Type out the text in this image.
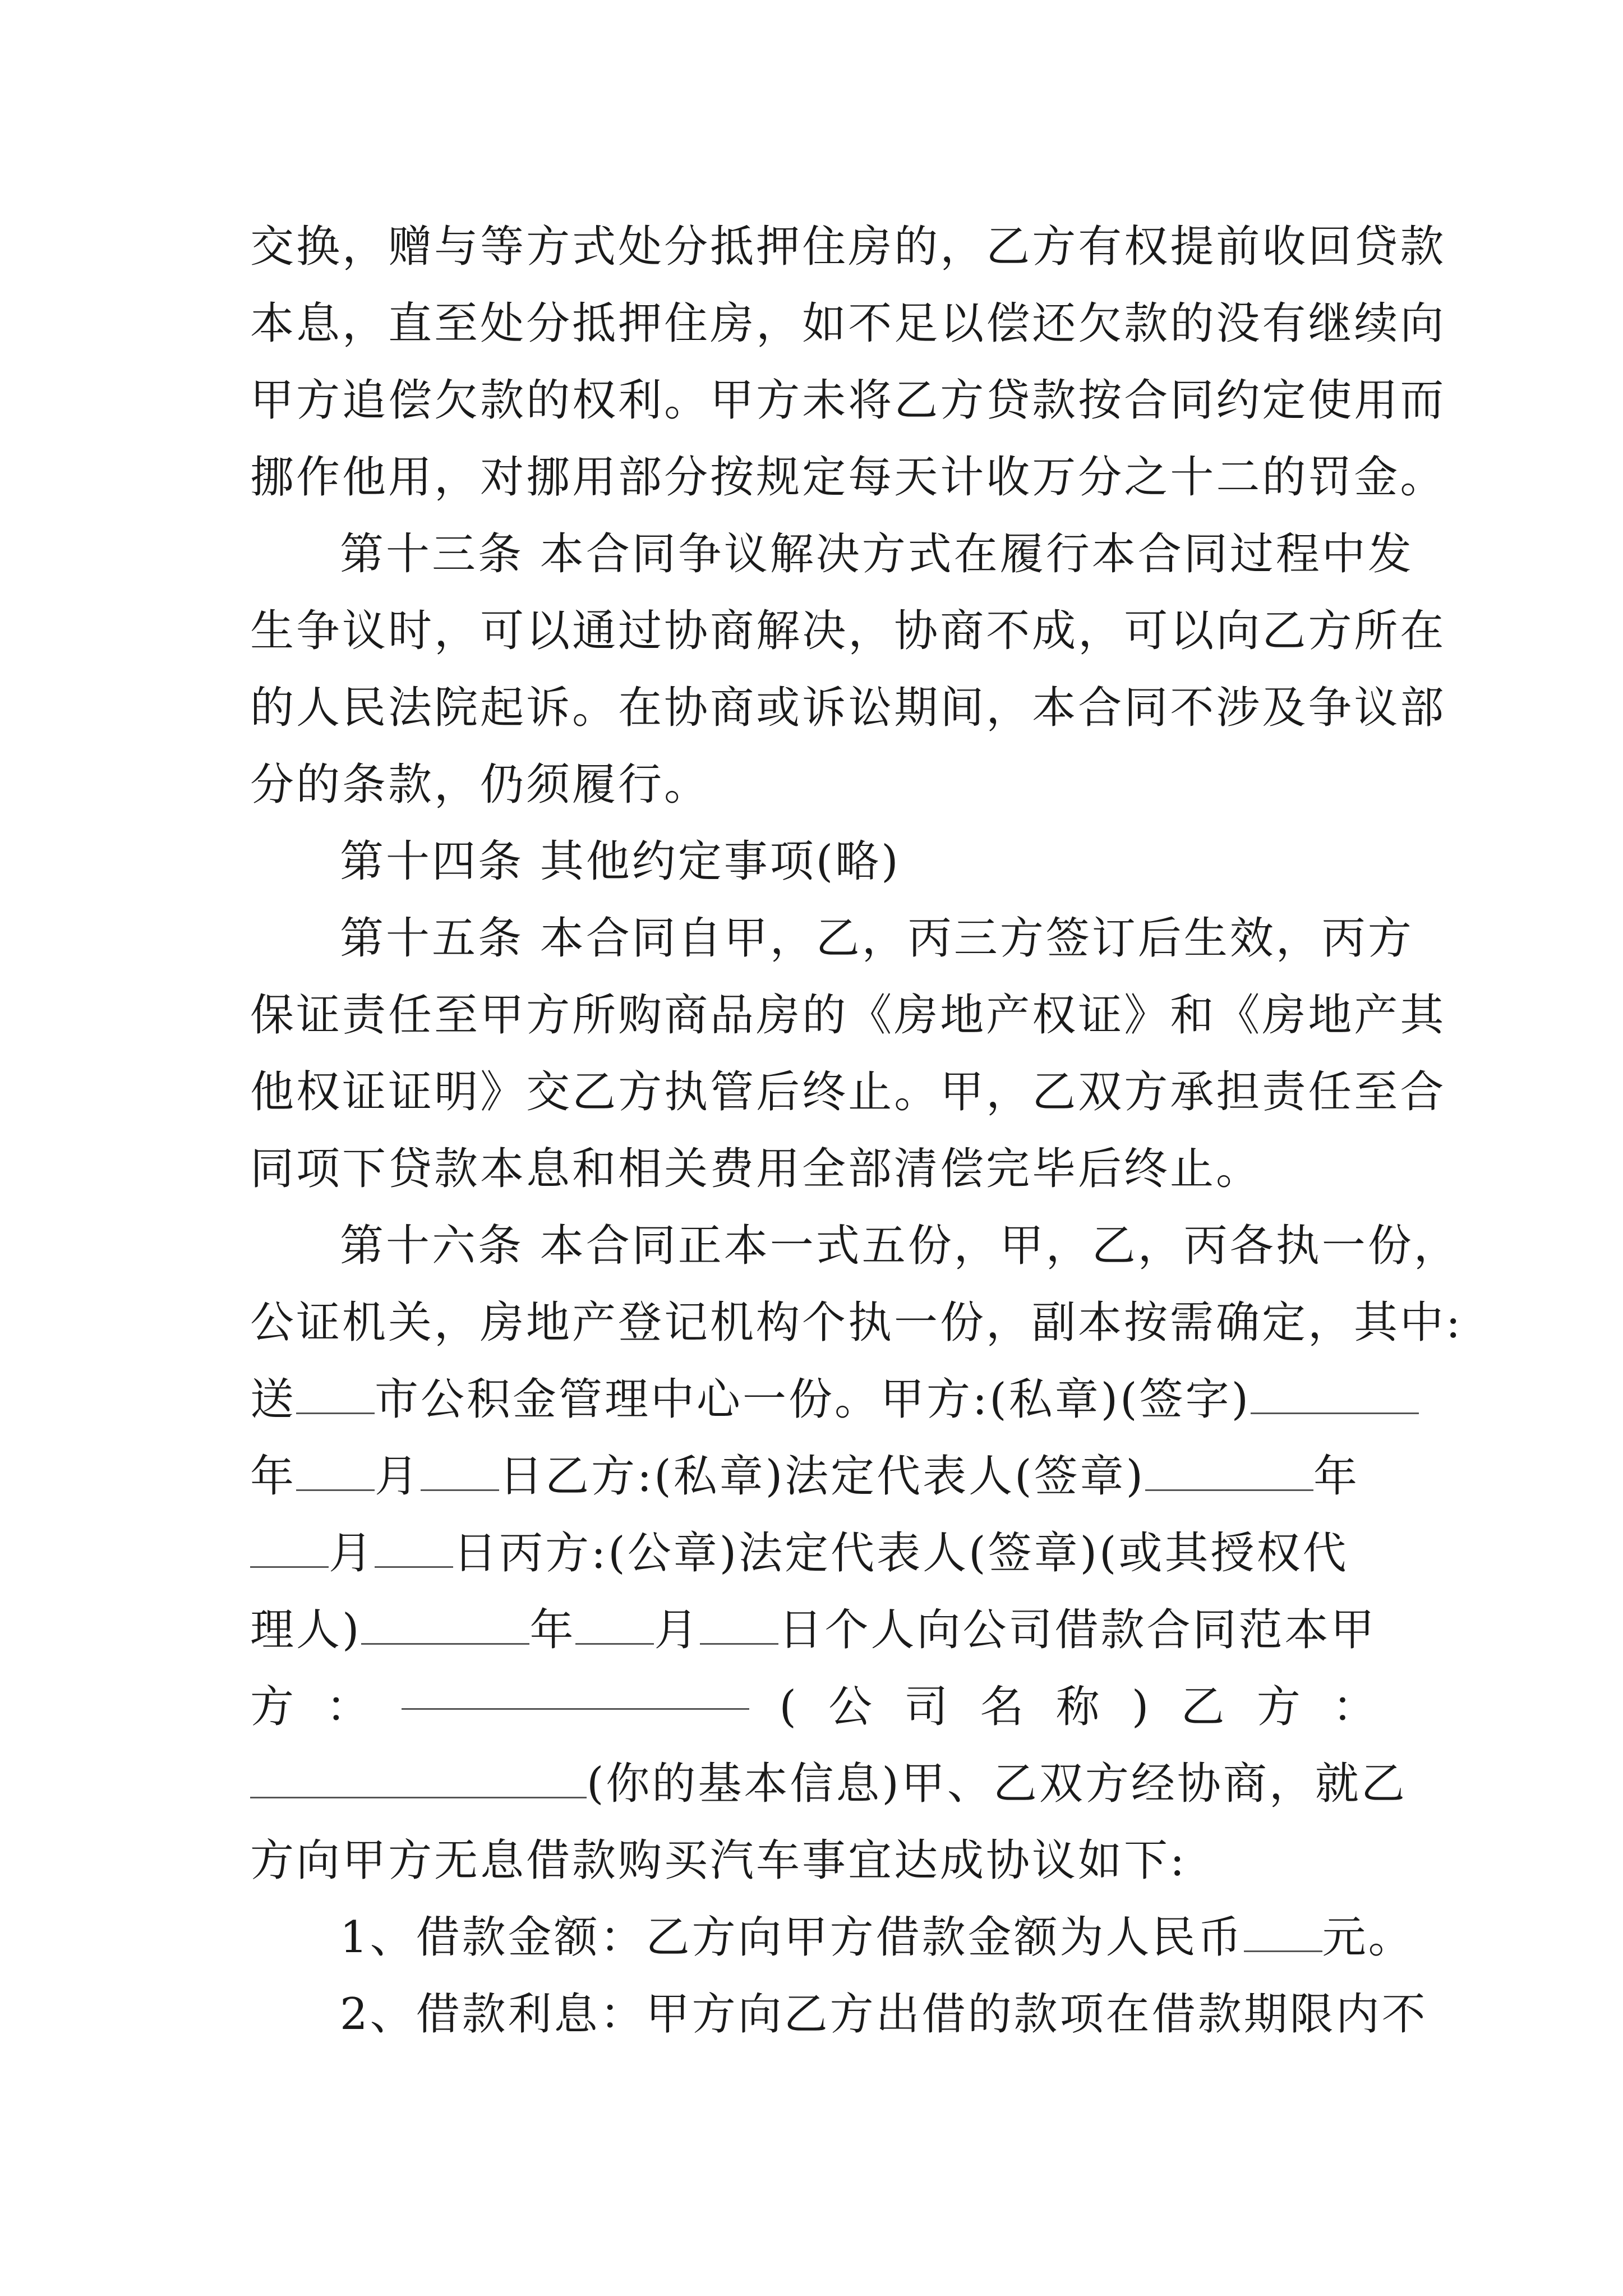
交 换 ， 赠 与 等 方 式 处 分 抵 押 住 房 的 ， 乙 方 有 权 提 前 收 回 贷 款
本 息 ， 直 至 处 分 抵 押 住 房 ， 如 不 足 以 偿 还 欠 款 的 没 有 继 续 向
甲 方 追 偿 欠 款 的 权 利 。 甲 方 未 将 乙 方 贷 款 按 合 同 约 定 使 用 而
挪 作 他 用 ， 对 挪 用 部 分 按 规 定 每 天 计 收 万 分 之 十 二 的 罚 金 。
第十三条 本合同争议解决方式在履行本合同过程中发
生 争 议 时 ， 可 以 通 过 协 商 解 决 ， 协 商 不 成 ， 可 以 向 乙 方 所 在
的 人 民 法 院 起 诉 。 在 协 商 或 诉 讼 期 间 ， 本 合 同 不 涉 及 争 议 部
分的条款，仍须履行。
第十四条 其他约定事项(略)
第十五条 本合同自甲，乙，丙三方签订后生效，丙方
保 证 责 任 至 甲 方 所 购 商 品 房 的 《 房 地 产 权 证 》 和 《 房 地 产 其
他 权 证 证 明 》 交 乙 方 执 管 后 终 止 。 甲 ， 乙 双 方 承 担 责 任 至 合
同项下贷款本息和相关费用全部清偿完毕后终止。
第十六条 本合同正本一式五份，甲，乙，丙各执一份，
公证机关，房地产登记机构个执一份，副本按需确定，其中:
送 市公积金管理中心一份。甲方:(私章)(签字)
年 月 日乙方:(私章)法定代表人(签章)	年
月 日丙方:(公章)法定代表人(签章)(或其授权代
理人)	年 月 日个人向公司借款合同范本甲
方 ：	( 公 司 名 称 ) 乙 方 ：
(你的基本信息)甲、乙双方经协商，就乙
方向甲方无息借款购买汽车事宜达成协议如下:
1、借款金额：乙方向甲方借款金额为人民币 元。
2、借款利息：甲方向乙方出借的款项在借款期限内不
